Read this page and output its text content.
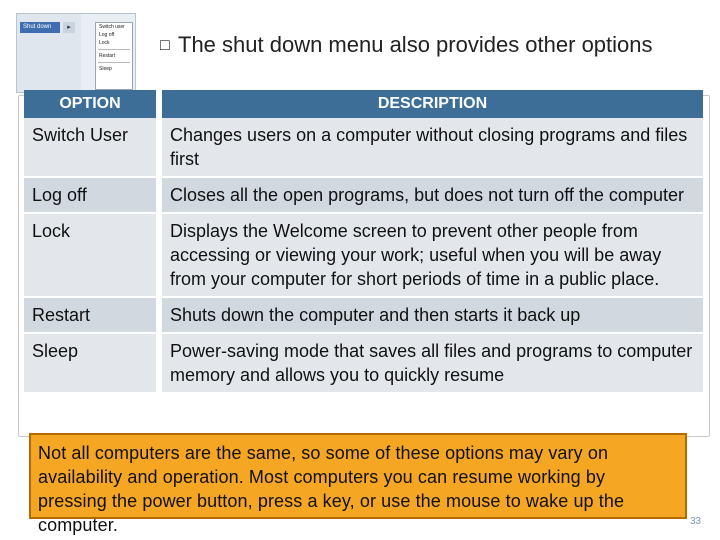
Shut down	▸	Switch user
Log off
Lock
Restart
Sleep
□ The shut down menu also provides other options
OPTION	DESCRIPTION
Switch User	Changes users on a computer without closing programs and files first
Log off	Closes all the open programs, but does not turn off the computer
Lock	Displays the Welcome screen to prevent other people from accessing or viewing your work; useful when you will be away from your computer for short periods of time in a public place.
Restart	Shuts down the computer and then starts it back up
Sleep	Power-saving mode that saves all files and programs to computer memory and allows you to quickly resume
Not all computers are the same, so some of these options may vary on availability and operation. Most computers you can resume working by pressing the power button, press a key, or use the mouse to wake up the computer.	33
